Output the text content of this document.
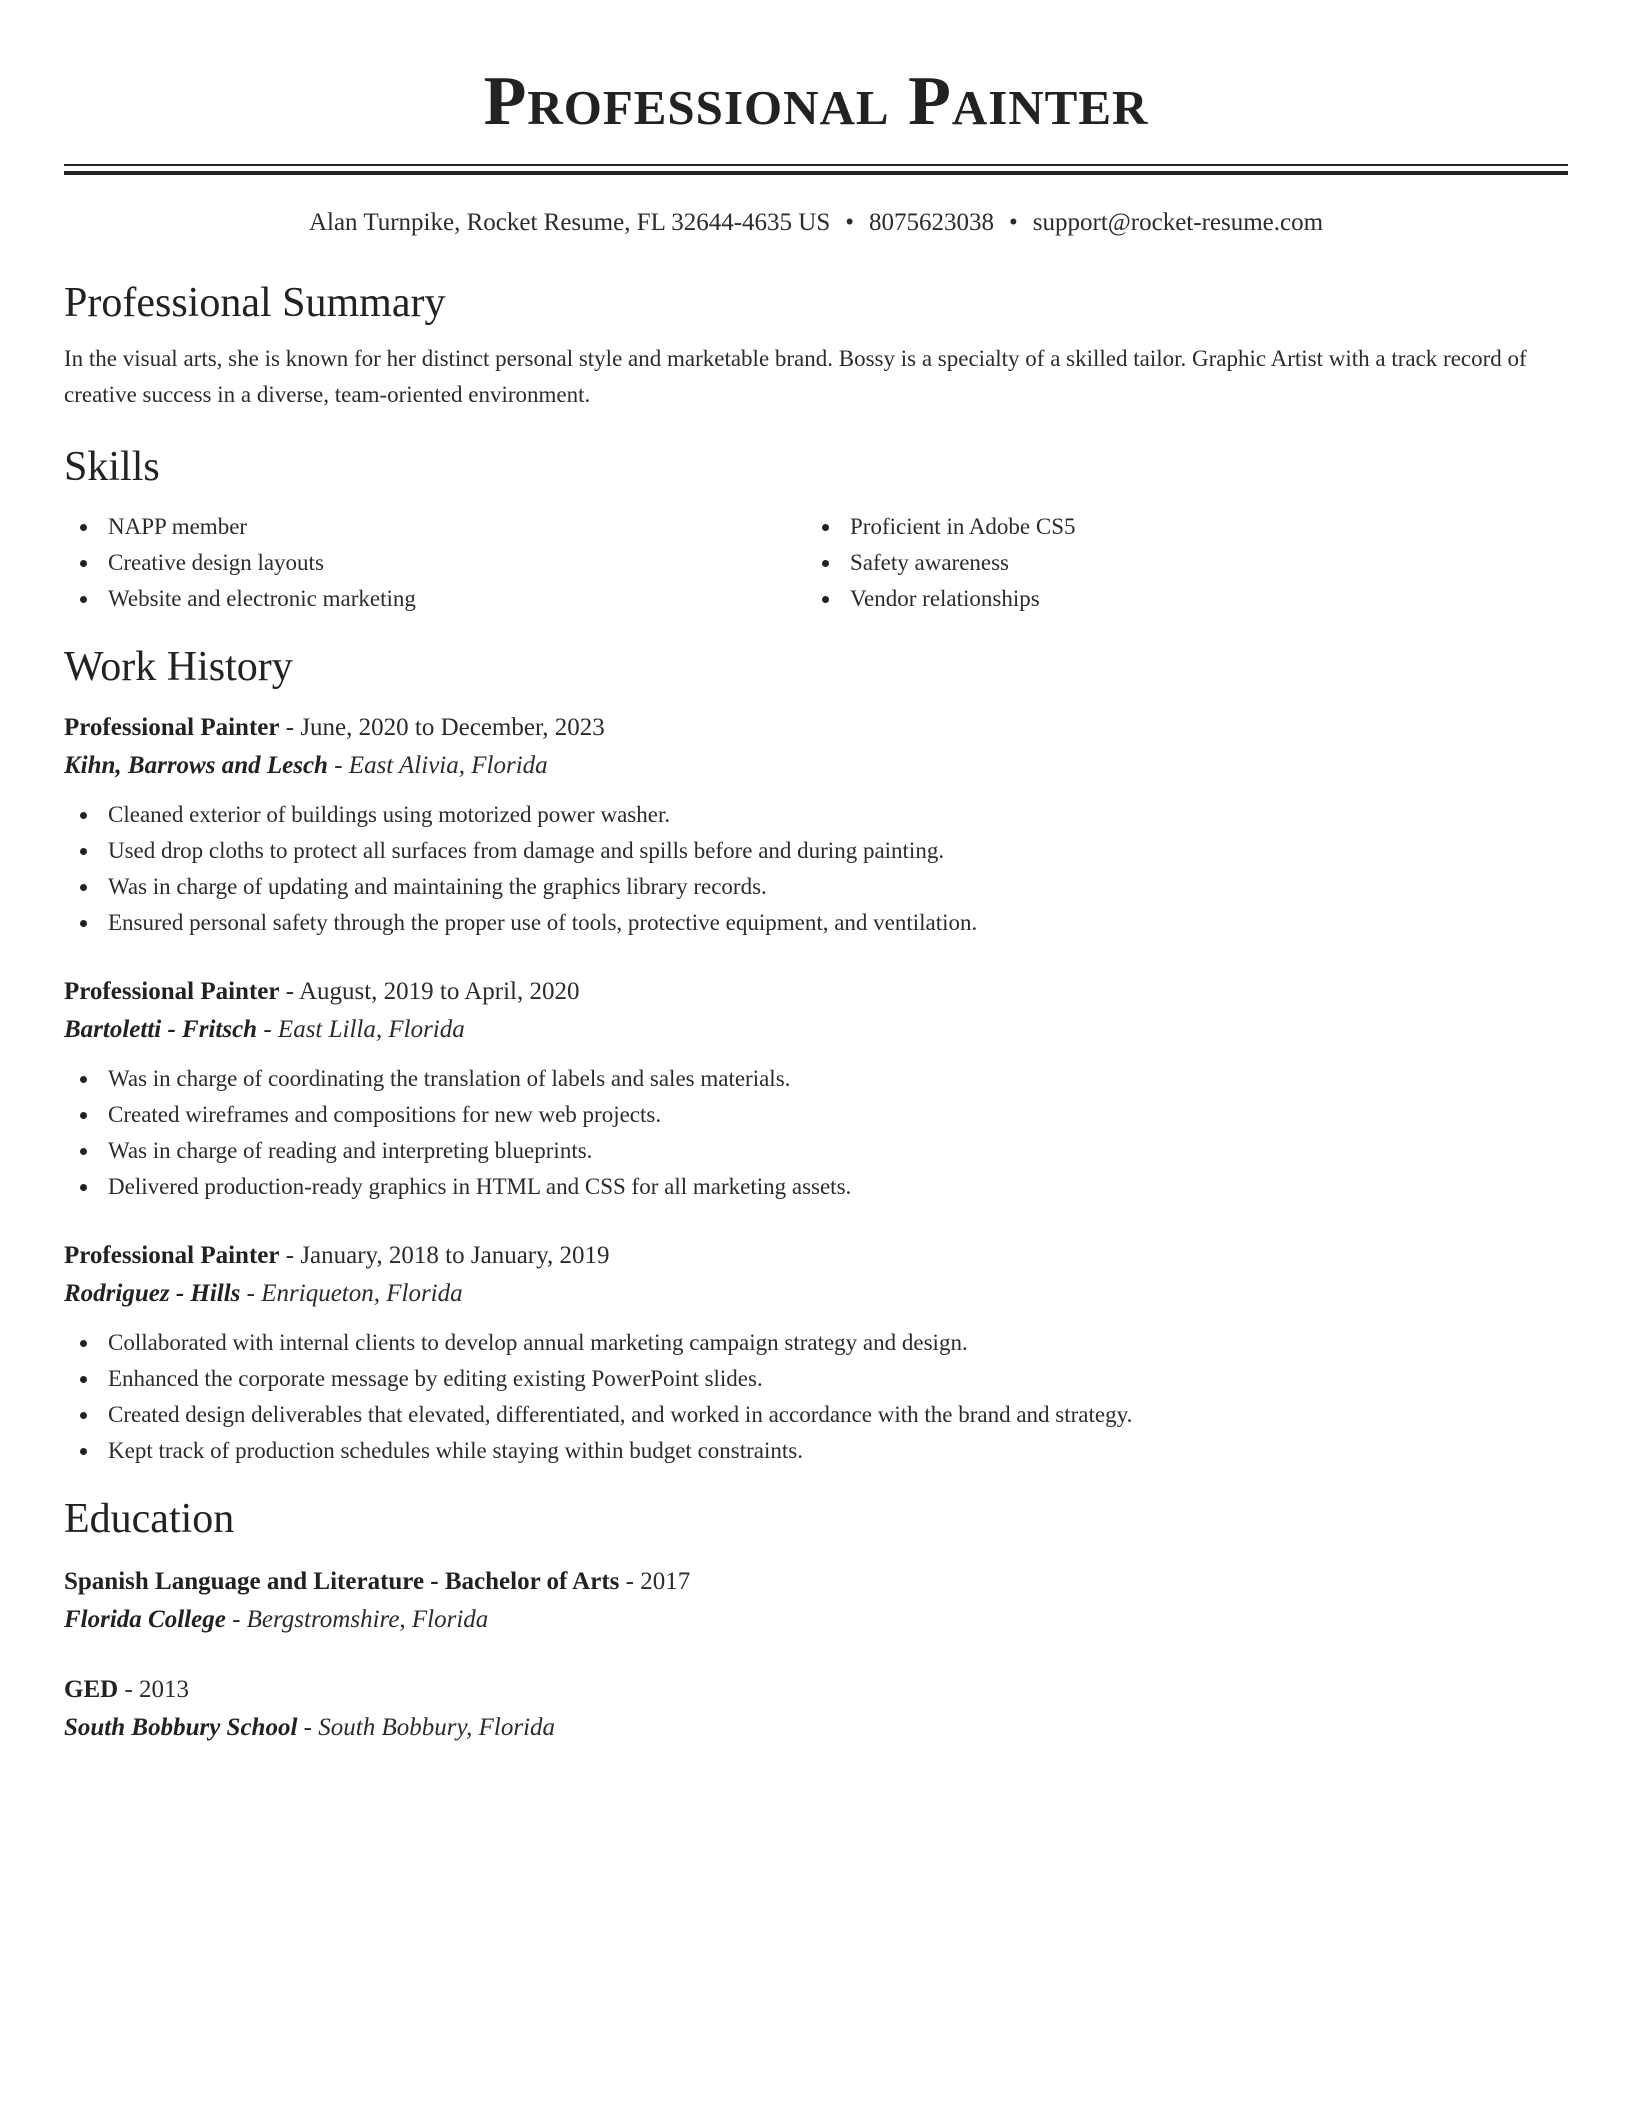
Professional Painter
Alan Turnpike, Rocket Resume, FL 32644-4635 US • 8075623038 • support@rocket-resume.com
Professional Summary
In the visual arts, she is known for her distinct personal style and marketable brand. Bossy is a specialty of a skilled tailor. Graphic Artist with a track record of creative success in a diverse, team-oriented environment.
Skills
NAPP member
Creative design layouts
Website and electronic marketing
Proficient in Adobe CS5
Safety awareness
Vendor relationships
Work History
Professional Painter - June, 2020 to December, 2023
Kihn, Barrows and Lesch - East Alivia, Florida
Cleaned exterior of buildings using motorized power washer.
Used drop cloths to protect all surfaces from damage and spills before and during painting.
Was in charge of updating and maintaining the graphics library records.
Ensured personal safety through the proper use of tools, protective equipment, and ventilation.
Professional Painter - August, 2019 to April, 2020
Bartoletti - Fritsch - East Lilla, Florida
Was in charge of coordinating the translation of labels and sales materials.
Created wireframes and compositions for new web projects.
Was in charge of reading and interpreting blueprints.
Delivered production-ready graphics in HTML and CSS for all marketing assets.
Professional Painter - January, 2018 to January, 2019
Rodriguez - Hills - Enriqueton, Florida
Collaborated with internal clients to develop annual marketing campaign strategy and design.
Enhanced the corporate message by editing existing PowerPoint slides.
Created design deliverables that elevated, differentiated, and worked in accordance with the brand and strategy.
Kept track of production schedules while staying within budget constraints.
Education
Spanish Language and Literature - Bachelor of Arts - 2017
Florida College - Bergstromshire, Florida
GED - 2013
South Bobbury School - South Bobbury, Florida
